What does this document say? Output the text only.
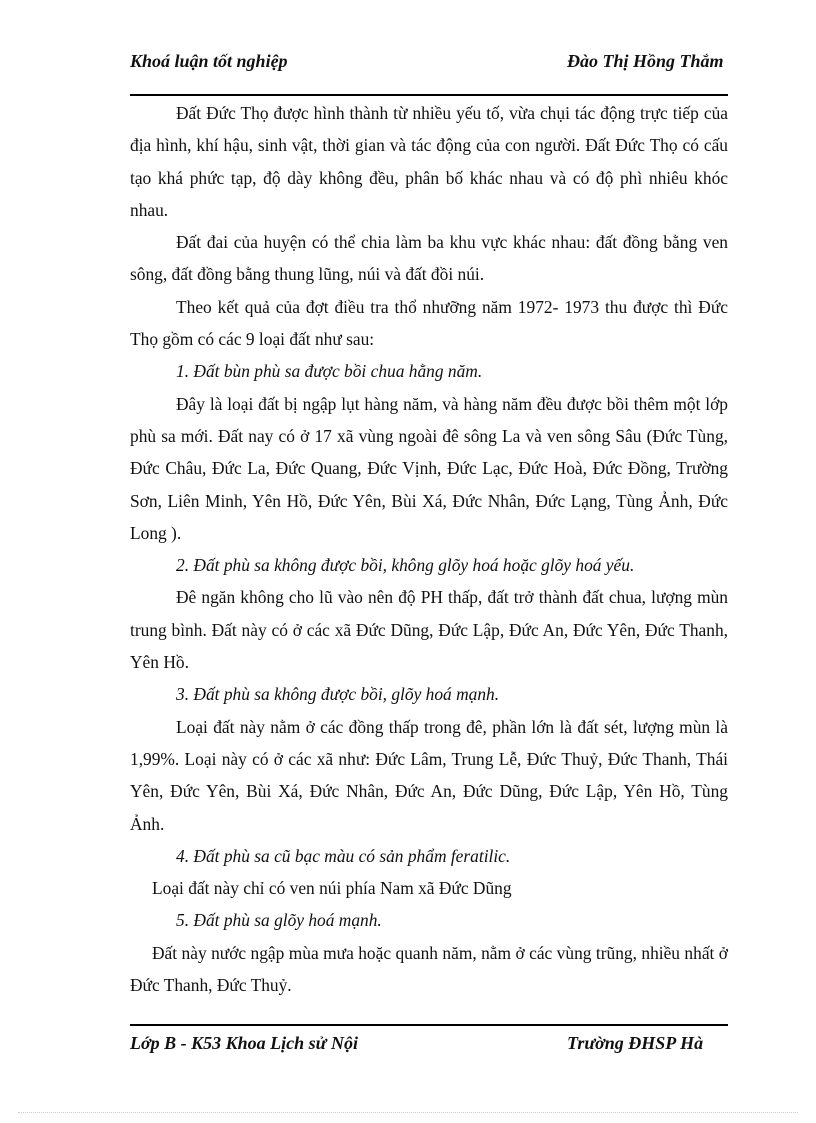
Khoá luận tốt nghiệp	Đào Thị Hồng Thắm

Đất Đức Thọ được hình thành từ nhiều yếu tố, vừa chụi tác động trực tiếp của địa hình, khí hậu, sinh vật, thời gian và tác động của con người. Đất Đức Thọ có cấu tạo khá phức tạp, độ dày không đều, phân bố khác nhau và có độ phì nhiêu khóc nhau.

Đất đai của huyện có thể chia làm ba khu vực khác nhau: đất đồng bằng ven sông, đất đồng bằng thung lũng, núi và đất đồi núi.

Theo kết quả của đợt điều tra thổ nhưỡng năm 1972- 1973 thu được thì Đức Thọ gồm có các 9 loại đất như sau:

1. Đất bùn phù sa được bồi chua hằng năm.

Đây là loại đất bị ngập lụt hàng năm, và hàng năm đều được bồi thêm một lớp phù sa mới. Đất nay có ở 17 xã vùng ngoài đê sông La và ven sông Sâu (Đức Tùng, Đức Châu, Đức La, Đức Quang, Đức Vịnh, Đức Lạc, Đức Hoà, Đức Đồng, Trường Sơn, Liên Minh, Yên Hồ, Đức Yên, Bùi Xá, Đức Nhân, Đức Lạng, Tùng Ảnh, Đức Long ).

2. Đất phù sa không được bồi, không glõy hoá hoặc glõy hoá yếu.

Đê ngăn không cho lũ vào nên độ PH thấp, đất trở thành đất chua, lượng mùn trung bình. Đất này có ở các xã Đức Dũng, Đức Lập, Đức An, Đức Yên, Đức Thanh, Yên Hồ.

3. Đất phù sa không được bồi, glõy hoá mạnh.

Loại đất này nằm ở các đồng thấp trong đê, phần lớn là đất sét, lượng mùn là 1,99%. Loại này có ở các xã như: Đức Lâm, Trung Lễ, Đức Thuỷ, Đức Thanh, Thái Yên, Đức Yên, Bùi Xá, Đức Nhân, Đức An, Đức Dũng, Đức Lập, Yên Hồ, Tùng Ảnh.

4. Đất phù sa cũ bạc màu có sản phẩm feratilic.

Loại đất này chỉ có ven núi phía Nam xã Đức Dũng

5. Đất phù sa glõy hoá mạnh.

Đất này nước ngập mùa mưa hoặc quanh năm, nằm ở các vùng trũng, nhiều nhất ở Đức Thanh, Đức Thuỷ.

Lớp B - K53 Khoa Lịch sử Nội	Trường ĐHSP Hà
